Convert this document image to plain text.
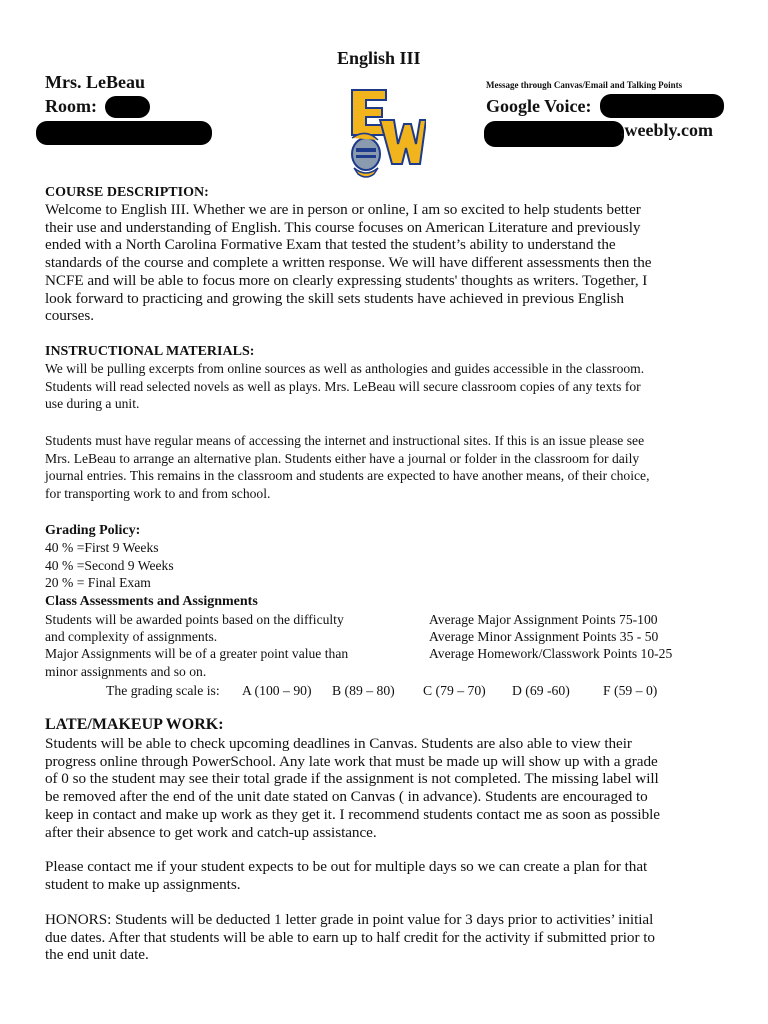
English III
Mrs. LeBeau
Room:
Message through Canvas/Email and Talking Points
Google Voice:
.weebly.com
COURSE DESCRIPTION:
Welcome to English III. Whether we are in person or online, I am so excited to help students better
their use and understanding of English. This course focuses on American Literature and previously
ended with a North Carolina Formative Exam that tested the student’s ability to understand the
standards of the course and complete a written response. We will have different assessments then the
NCFE and will be able to focus more on clearly expressing students' thoughts as writers. Together, I
look forward to practicing and growing the skill sets students have achieved in previous English
courses.
INSTRUCTIONAL MATERIALS:
We will be pulling excerpts from online sources as well as anthologies and guides accessible in the classroom.
Students will read selected novels as well as plays. Mrs. LeBeau will secure classroom copies of any texts for
use during a unit.
Students must have regular means of accessing the internet and instructional sites. If this is an issue please see
Mrs. LeBeau to arrange an alternative plan. Students either have a journal or folder in the classroom for daily
journal entries. This remains in the classroom and students are expected to have another means, of their choice,
for transporting work to and from school.
Grading Policy:
40 % =First 9 Weeks
40 % =Second 9 Weeks
20 % = Final Exam
Class Assessments and Assignments
Students will be awarded points based on the difficulty
and complexity of assignments.
Major Assignments will be of a greater point value than
minor assignments and so on.
Average Major Assignment Points 75-100
Average Minor Assignment Points 35 - 50
Average Homework/Classwork Points 10-25
The grading scale is: A (100 – 90) B (89 – 80) C (79 – 70) D (69 -60) F (59 – 0)
LATE/MAKEUP WORK:
Students will be able to check upcoming deadlines in Canvas. Students are also able to view their
progress online through PowerSchool. Any late work that must be made up will show up with a grade
of 0 so the student may see their total grade if the assignment is not completed. The missing label will
be removed after the end of the unit date stated on Canvas ( in advance). Students are encouraged to
keep in contact and make up work as they get it. I recommend students contact me as soon as possible
after their absence to get work and catch-up assistance.
Please contact me if your student expects to be out for multiple days so we can create a plan for that
student to make up assignments.
HONORS: Students will be deducted 1 letter grade in point value for 3 days prior to activities’ initial
due dates. After that students will be able to earn up to half credit for the activity if submitted prior to
the end unit date.
